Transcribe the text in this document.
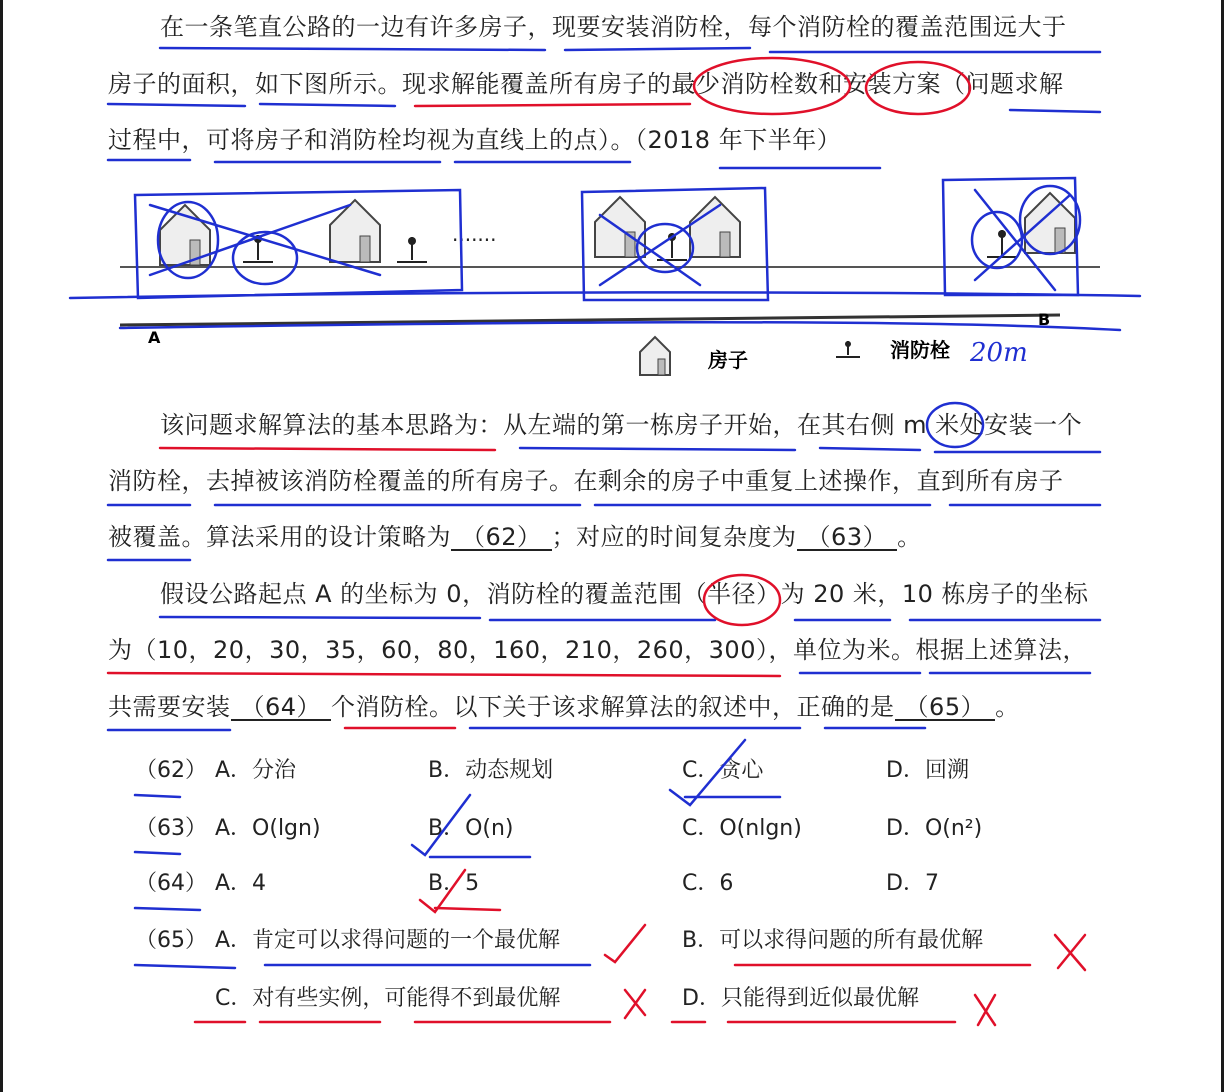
在一条笔直公路的一边有许多房子，现要安装消防栓，每个消防栓的覆盖范围远大于
房子的面积，如下图所示。现求解能覆盖所有房子的最少消防栓数和安装方案（问题求解
过程中，可将房子和消防栓均视为直线上的点）。（2018 年下半年）
·······
A
B
房子	消防栓 20m
该问题求解算法的基本思路为：从左端的第一栋房子开始，在其右侧 m 米处安装一个
消防栓，去掉被该消防栓覆盖的所有房子。在剩余的房子中重复上述操作，直到所有房子
被覆盖。算法采用的设计策略为 （62） ；对应的时间复杂度为 （63） 。
假设公路起点 A 的坐标为 0，消防栓的覆盖范围（半径）为 20 米，10 栋房子的坐标
为（10，20，30，35，60，80，160，210，260，300），单位为米。根据上述算法，
共需要安装 （64） 个消防栓。以下关于该求解算法的叙述中，正确的是 （65） 。
（62） A．分治	B．动态规划	C．贪心	D．回溯
（63） A．O(lgn)	B．O(n)	C．O(nlgn)	D．O(n²)
（64） A．4	B．5	C．6	D．7
（65） A．肯定可以求得问题的一个最优解	B．可以求得问题的所有最优解
C．对有些实例，可能得不到最优解	D．只能得到近似最优解
